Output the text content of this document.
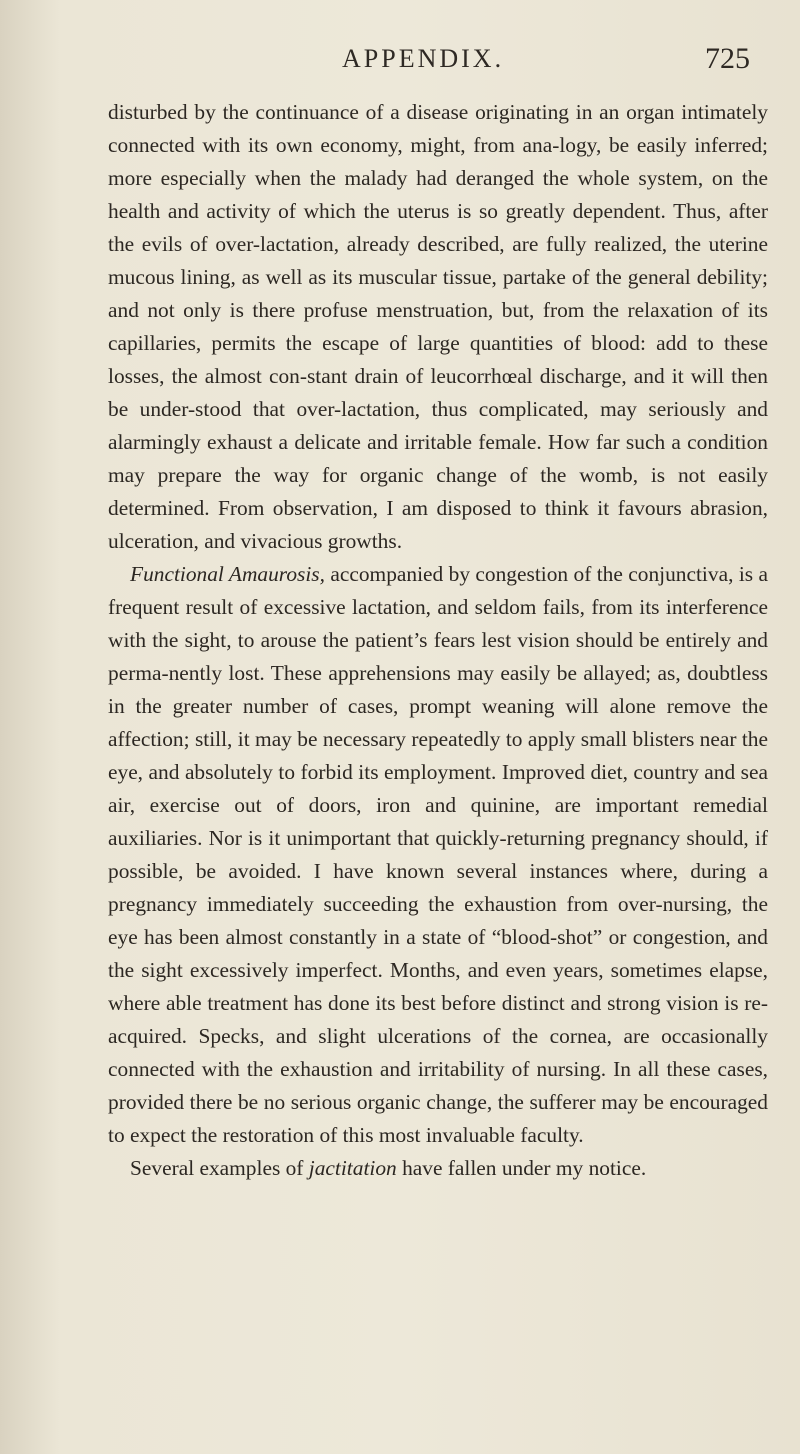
APPENDIX.	725

disturbed by the continuance of a disease originating in an organ intimately connected with its own economy, might, from ana-logy, be easily inferred; more especially when the malady had deranged the whole system, on the health and activity of which the uterus is so greatly dependent. Thus, after the evils of over-lactation, already described, are fully realized, the uterine mucous lining, as well as its muscular tissue, partake of the general debility; and not only is there profuse menstruation, but, from the relaxation of its capillaries, permits the escape of large quantities of blood: add to these losses, the almost con-stant drain of leucorrhœal discharge, and it will then be under-stood that over-lactation, thus complicated, may seriously and alarmingly exhaust a delicate and irritable female. How far such a condition may prepare the way for organic change of the womb, is not easily determined. From observation, I am disposed to think it favours abrasion, ulceration, and vivacious growths.

Functional Amaurosis, accompanied by congestion of the conjunctiva, is a frequent result of excessive lactation, and seldom fails, from its interference with the sight, to arouse the patient’s fears lest vision should be entirely and perma-nently lost. These apprehensions may easily be allayed; as, doubtless in the greater number of cases, prompt weaning will alone remove the affection; still, it may be necessary repeatedly to apply small blisters near the eye, and absolutely to forbid its employment. Improved diet, country and sea air, exercise out of doors, iron and quinine, are important remedial auxiliaries. Nor is it unimportant that quickly-returning pregnancy should, if possible, be avoided. I have known several instances where, during a pregnancy immediately succeeding the exhaustion from over-nursing, the eye has been almost constantly in a state of “blood-shot” or congestion, and the sight excessively imperfect. Months, and even years, sometimes elapse, where able treatment has done its best before distinct and strong vision is re-acquired. Specks, and slight ulcerations of the cornea, are occasionally connected with the exhaustion and irritability of nursing. In all these cases, provided there be no serious organic change, the sufferer may be encouraged to expect the restoration of this most invaluable faculty.

Several examples of jactitation have fallen under my notice.
